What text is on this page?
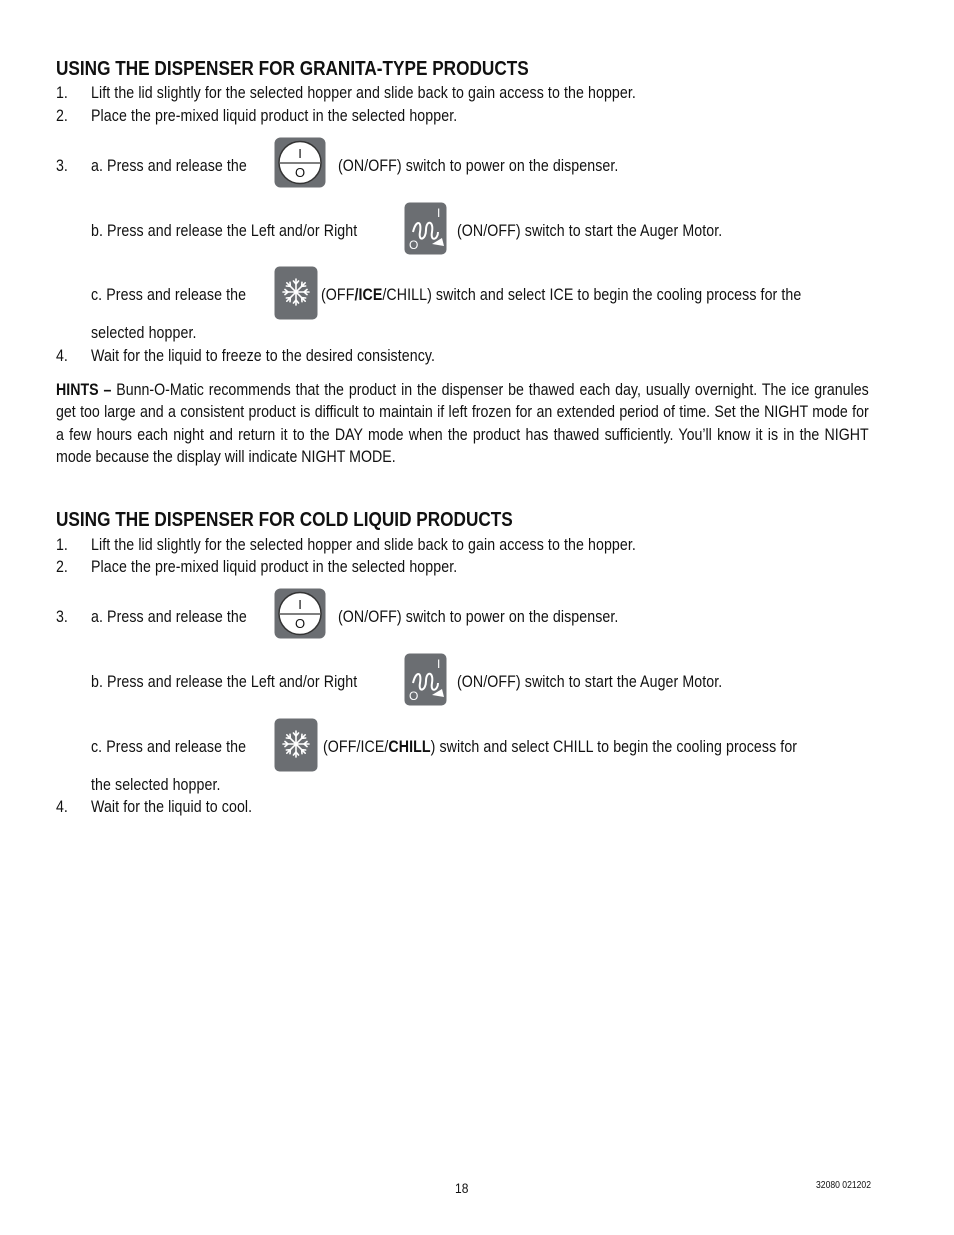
USING THE DISPENSER FOR GRANITA-TYPE PRODUCTS
1. Lift the lid slightly for the selected hopper and slide back to gain access to the hopper.
2. Place the pre-mixed liquid product in the selected hopper.
3. a. Press and release the
I
O (ON/OFF) switch to power on the dispenser.
b. Press and release the Left and/or Right
I
O
(ON/OFF) switch to start the Auger Motor.
c. Press and release the	(OFF/ICE/CHILL) switch and select ICE to begin the cooling process for the
selected hopper.
4. Wait for the liquid to freeze to the desired consistency.
HINTS – Bunn-O-Matic recommends that the product in the dispenser be thawed each day, usually overnight. The ice granules get too large and a consistent product is difficult to maintain if left frozen for an extended period of time. Set the NIGHT mode for a few hours each night and return it to the DAY mode when the product has thawed sufficiently. You’ll know it is in the NIGHT mode because the display will indicate NIGHT MODE.
USING THE DISPENSER FOR COLD LIQUID PRODUCTS
1. Lift the lid slightly for the selected hopper and slide back to gain access to the hopper.
2. Place the pre-mixed liquid product in the selected hopper.
3. a. Press and release the
I
O (ON/OFF) switch to power on the dispenser.
b. Press and release the Left and/or Right
I
O
(ON/OFF) switch to start the Auger Motor.
c. Press and release the	(OFF/ICE/CHILL) switch and select CHILL to begin the cooling process for
the selected hopper.
4. Wait for the liquid to cool.
18	32080 021202
